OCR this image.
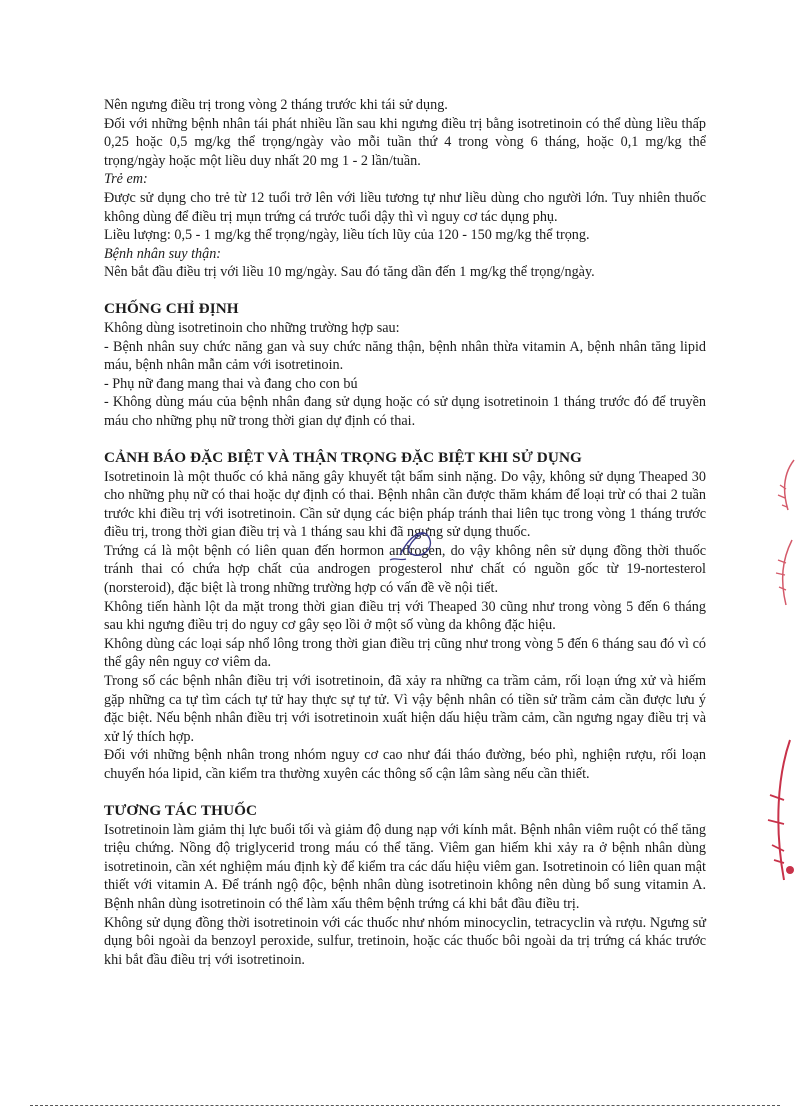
Nên ngưng điều trị trong vòng 2 tháng trước khi tái sử dụng.

Đối với những bệnh nhân tái phát nhiều lần sau khi ngưng điều trị bằng isotretinoin có thể dùng liều thấp 0,25 hoặc 0,5 mg/kg thể trọng/ngày vào mỗi tuần thứ 4 trong vòng 6 tháng, hoặc 0,1 mg/kg thể trọng/ngày hoặc một liều duy nhất 20 mg 1 - 2 lần/tuần.

Trẻ em:

Được sử dụng cho trẻ từ 12 tuổi trở lên với liều tương tự như liều dùng cho người lớn. Tuy nhiên thuốc không dùng để điều trị mụn trứng cá trước tuổi dậy thì vì nguy cơ tác dụng phụ.

Liều lượng: 0,5 - 1 mg/kg thể trọng/ngày, liều tích lũy của 120 - 150 mg/kg thể trọng.

Bệnh nhân suy thận:

Nên bắt đầu điều trị với liều 10 mg/ngày. Sau đó tăng dần đến 1 mg/kg thể trọng/ngày.

CHỐNG CHỈ ĐỊNH

Không dùng isotretinoin cho những trường hợp sau:

- Bệnh nhân suy chức năng gan và suy chức năng thận, bệnh nhân thừa vitamin A, bệnh nhân tăng lipid máu, bệnh nhân mẫn cảm với isotretinoin.

- Phụ nữ đang mang thai và đang cho con bú

- Không dùng máu của bệnh nhân đang sử dụng hoặc có sử dụng isotretinoin 1 tháng trước đó để truyền máu cho những phụ nữ trong thời gian dự định có thai.

CẢNH BÁO ĐẶC BIỆT VÀ THẬN TRỌNG ĐẶC BIỆT KHI SỬ DỤNG

Isotretinoin là một thuốc có khả năng gây khuyết tật bẩm sinh nặng. Do vậy, không sử dụng Theaped 30 cho những phụ nữ có thai hoặc dự định có thai. Bệnh nhân cần được thăm khám để loại trừ có thai 2 tuần trước khi điều trị với isotretinoin. Cần sử dụng các biện pháp tránh thai liên tục trong vòng 1 tháng trước điều trị, trong thời gian điều trị và 1 tháng sau khi đã ngưng sử dụng thuốc.

Trứng cá là một bệnh có liên quan đến hormon androgen, do vậy không nên sử dụng đồng thời thuốc tránh thai có chứa hợp chất của androgen progesterol như chất có nguồn gốc từ 19-nortesterol (norsteroid), đặc biệt là trong những trường hợp có vấn đề về nội tiết.

Không tiến hành lột da mặt trong thời gian điều trị với Theaped 30 cũng như trong vòng 5 đến 6 tháng sau khi ngưng điều trị do nguy cơ gây sẹo lồi ở một số vùng da không đặc hiệu.

Không dùng các loại sáp nhổ lông trong thời gian điều trị cũng như trong vòng 5 đến 6 tháng sau đó vì có thể gây nên nguy cơ viêm da.

Trong số các bệnh nhân điều trị với isotretinoin, đã xảy ra những ca trầm cảm, rối loạn ứng xử và hiếm gặp những ca tự tìm cách tự tử hay thực sự tự tử. Vì vậy bệnh nhân có tiền sử trầm cảm cần được lưu ý đặc biệt. Nếu bệnh nhân điều trị với isotretinoin xuất hiện dấu hiệu trầm cảm, cần ngưng ngay điều trị và xử lý thích hợp.

Đối với những bệnh nhân trong nhóm nguy cơ cao như đái tháo đường, béo phì, nghiện rượu, rối loạn chuyển hóa lipid, cần kiểm tra thường xuyên các thông số cận lâm sàng nếu cần thiết.

TƯƠNG TÁC THUỐC

Isotretinoin làm giảm thị lực buổi tối và giảm độ dung nạp với kính mắt. Bệnh nhân viêm ruột có thể tăng triệu chứng. Nồng độ triglycerid trong máu có thể tăng. Viêm gan hiếm khi xảy ra ở bệnh nhân dùng isotretinoin, cần xét nghiệm máu định kỳ để kiểm tra các dấu hiệu viêm gan. Isotretinoin có liên quan mật thiết với vitamin A. Để tránh ngộ độc, bệnh nhân dùng isotretinoin không nên dùng bổ sung vitamin A. Bệnh nhân dùng isotretinoin có thể làm xấu thêm bệnh trứng cá khi bắt đầu điều trị.

Không sử dụng đồng thời isotretinoin với các thuốc như nhóm minocyclin, tetracyclin và rượu. Ngưng sử dụng bôi ngoài da benzoyl peroxide, sulfur, tretinoin, hoặc các thuốc bôi ngoài da trị trứng cá khác trước khi bắt đầu điều trị với isotretinoin.
